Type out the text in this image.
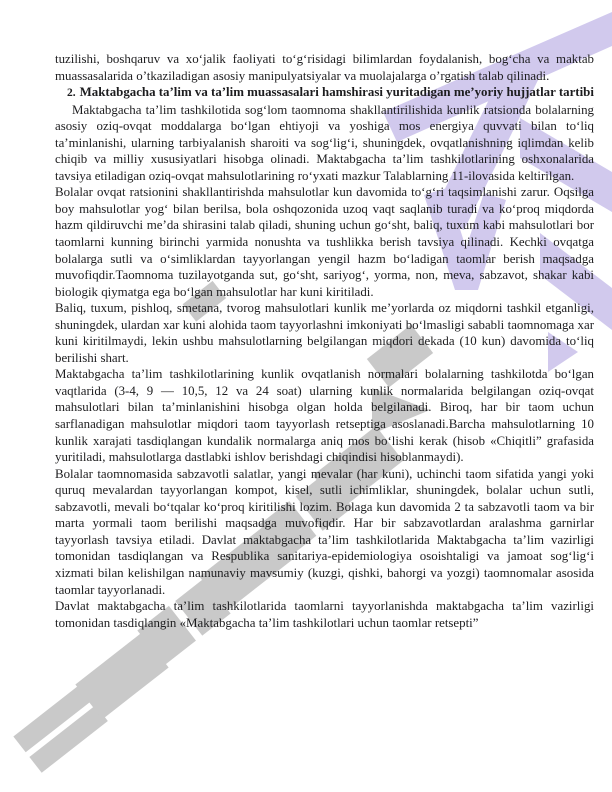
tuzilishi, boshqaruv va xo‘jalik faoliyati to‘g‘risidagi bilimlardan foydalanish, bog‘cha va maktab muassasalarida o’tkaziladigan asosiy manipulyatsiyalar va muolajalarga o’rgatish talab qilinadi.

2. Maktabgacha ta’lim va ta’lim muassasalari hamshirasi yuritadigan me’yoriy hujjatlar tartibi

Maktabgacha ta’lim tashkilotida sog‘lom taomnoma shakllantirilishida kunlik ratsionda bolalarning asosiy oziq-ovqat moddalarga bo‘lgan ehtiyoji va yoshiga mos energiya quvvati bilan to‘liq ta’minlanishi, ularning tarbiyalanish sharoiti va sog‘lig‘i, shuningdek, ovqatlanishning iqlimdan kelib chiqib va milliy xususiyatlari hisobga olinadi. Maktabgacha ta’lim tashkilotlarining oshxonalarida tavsiya etiladigan oziq-ovqat mahsulotlarining ro‘yxati mazkur Talablarning 11-ilovasida keltirilgan.

Bolalar ovqat ratsionini shakllantirishda mahsulotlar kun davomida to‘g‘ri taqsimlanishi zarur. Oqsilga boy mahsulotlar yog‘ bilan berilsa, bola oshqozonida uzoq vaqt saqlanib turadi va ko‘proq miqdorda hazm qildiruvchi me’da shirasini talab qiladi, shuning uchun go‘sht, baliq, tuxum kabi mahsulotlari bor taomlarni kunning birinchi yarmida nonushta va tushlikka berish tavsiya qilinadi. Kechki ovqatga bolalarga sutli va o‘simliklardan tayyorlangan yengil hazm bo‘ladigan taomlar berish maqsadga muvofiqdir.Taomnoma tuzilayotganda sut, go‘sht, sariyog‘, yorma, non, meva, sabzavot, shakar kabi biologik qiymatga ega bo‘lgan mahsulotlar har kuni kiritiladi.

Baliq, tuxum, pishloq, smetana, tvorog mahsulotlari kunlik me’yorlarda oz miqdorni tashkil etganligi, shuningdek, ulardan xar kuni alohida taom tayyorlashni imkoniyati bo‘lmasligi sababli taomnomaga xar kuni kiritilmaydi, lekin ushbu mahsulotlarning belgilangan miqdori dekada (10 kun) davomida to‘liq berilishi shart.

Maktabgacha ta’lim tashkilotlarining kunlik ovqatlanish normalari bolalarning tashkilotda bo‘lgan vaqtlarida (3-4, 9 — 10,5, 12 va 24 soat) ularning kunlik normalarida belgilangan oziq-ovqat mahsulotlari bilan ta’minlanishini hisobga olgan holda belgilanadi. Biroq, har bir taom uchun sarflanadigan mahsulotlar miqdori taom tayyorlash retseptiga asoslanadi.Barcha mahsulotlarning 10 kunlik xarajati tasdiqlangan kundalik normalarga aniq mos bo‘lishi kerak (hisob «Chiqitli” grafasida yuritiladi, mahsulotlarga dastlabki ishlov berishdagi chiqindisi hisoblanmaydi).

Bolalar taomnomasida sabzavotli salatlar, yangi mevalar (har kuni), uchinchi taom sifatida yangi yoki quruq mevalardan tayyorlangan kompot, kisel, sutli ichimliklar, shuningdek, bolalar uchun sutli, sabzavotli, mevali bo‘tqalar ko‘proq kiritilishi lozim. Bolaga kun davomida 2 ta sabzavotli taom va bir marta yormali taom berilishi maqsadga muvofiqdir. Har bir sabzavotlardan aralashma garnirlar tayyorlash tavsiya etiladi. Davlat maktabgacha ta’lim tashkilotlarida Maktabgacha ta’lim vazirligi tomonidan tasdiqlangan va Respublika sanitariya-epidemiologiya osoishtaligi va jamoat sog‘lig‘i xizmati bilan kelishilgan namunaviy mavsumiy (kuzgi, qishki, bahorgi va yozgi) taomnomalar asosida taomlar tayyorlanadi.

Davlat maktabgacha ta’lim tashkilotlarida taomlarni tayyorlanishda maktabgacha ta’lim vazirligi tomonidan tasdiqlangin «Maktabgacha ta’lim tashkilotlari uchun taomlar retsepti”
